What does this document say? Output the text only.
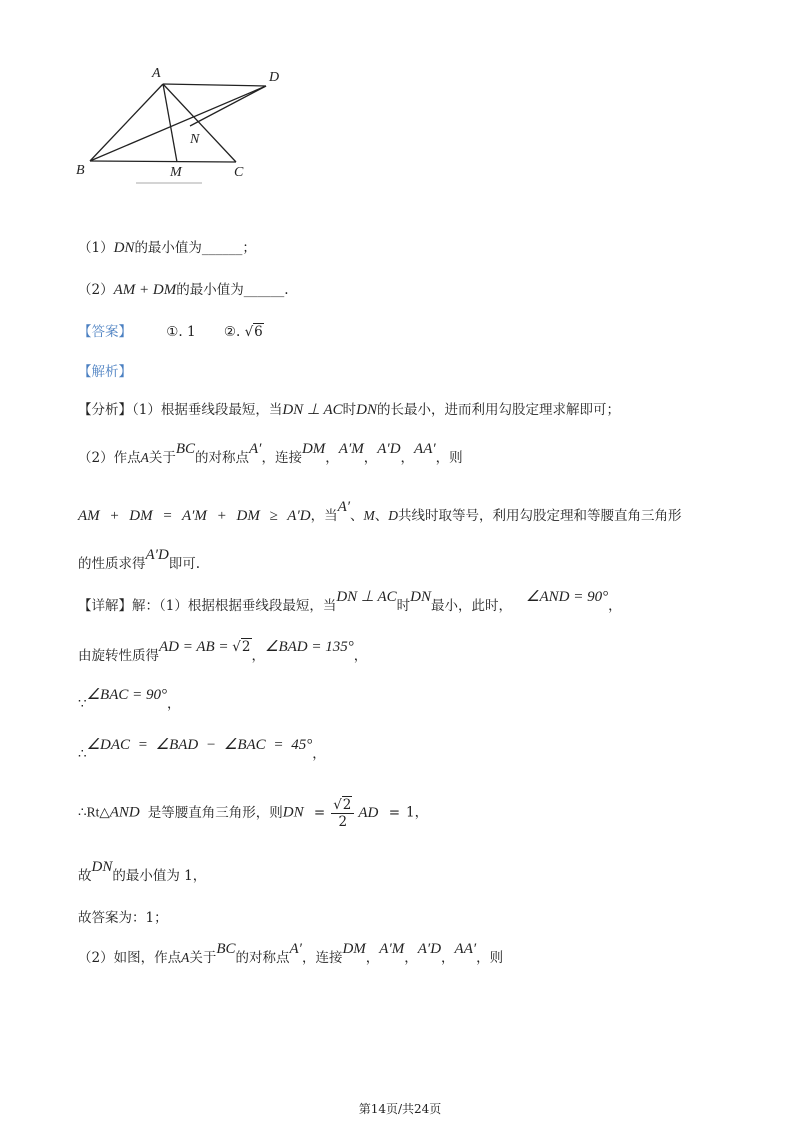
A	D
B	M	C
N
（1）DN的最小值为______；
（2）AM + DM的最小值为______.
【答案】	①. 1 ②. √6
【解析】
【分析】（1）根据垂线段最短，当DN ⊥ AC时DN的长最小，进而利用勾股定理求解即可；
（2）作点A关于BC的对称点A′，连接DM，A′M，A′D，AA′，则
AM + DM = A′M + DM ≥ A′D，当A′、M、D共线时取等号，利用勾股定理和等腰直角三角形
的性质求得A′D即可.
【详解】解：（1）根据根据垂线段最短，当DN ⊥ AC时DN最小，此时，∠AND = 90°，
由旋转性质得AD = AB = √2，∠BAD = 135°，
∵∠BAC = 90°，
∴∠DAC = ∠BAD − ∠BAC = 45°，
∴Rt△AND 是等腰直角三角形，则DN = $\frac{√2}{2}$ AD = 1，
故DN的最小值为 1，
故答案为：1；
（2）如图，作点A关于BC的对称点A′，连接DM，A′M，A′D，AA′，则
第14页/共24页
